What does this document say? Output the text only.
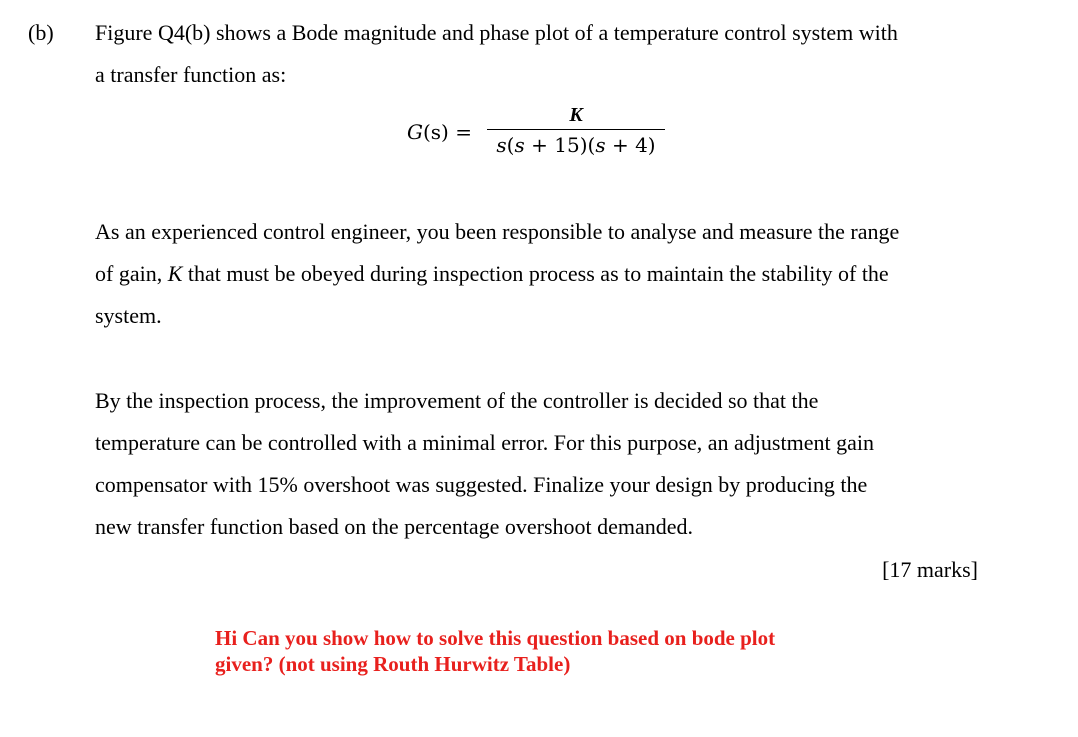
(b) Figure Q4(b) shows a Bode magnitude and phase plot of a temperature control system with
a transfer function as:
G(s) =
K
s(s + 15)(s + 4)
As an experienced control engineer, you been responsible to analyse and measure the range
of gain, K that must be obeyed during inspection process as to maintain the stability of the
system.
By the inspection process, the improvement of the controller is decided so that the
temperature can be controlled with a minimal error. For this purpose, an adjustment gain
compensator with 15% overshoot was suggested. Finalize your design by producing the
new transfer function based on the percentage overshoot demanded.
[17 marks]
Hi Can you show how to solve this question based on bode plot
given? (not using Routh Hurwitz Table)
